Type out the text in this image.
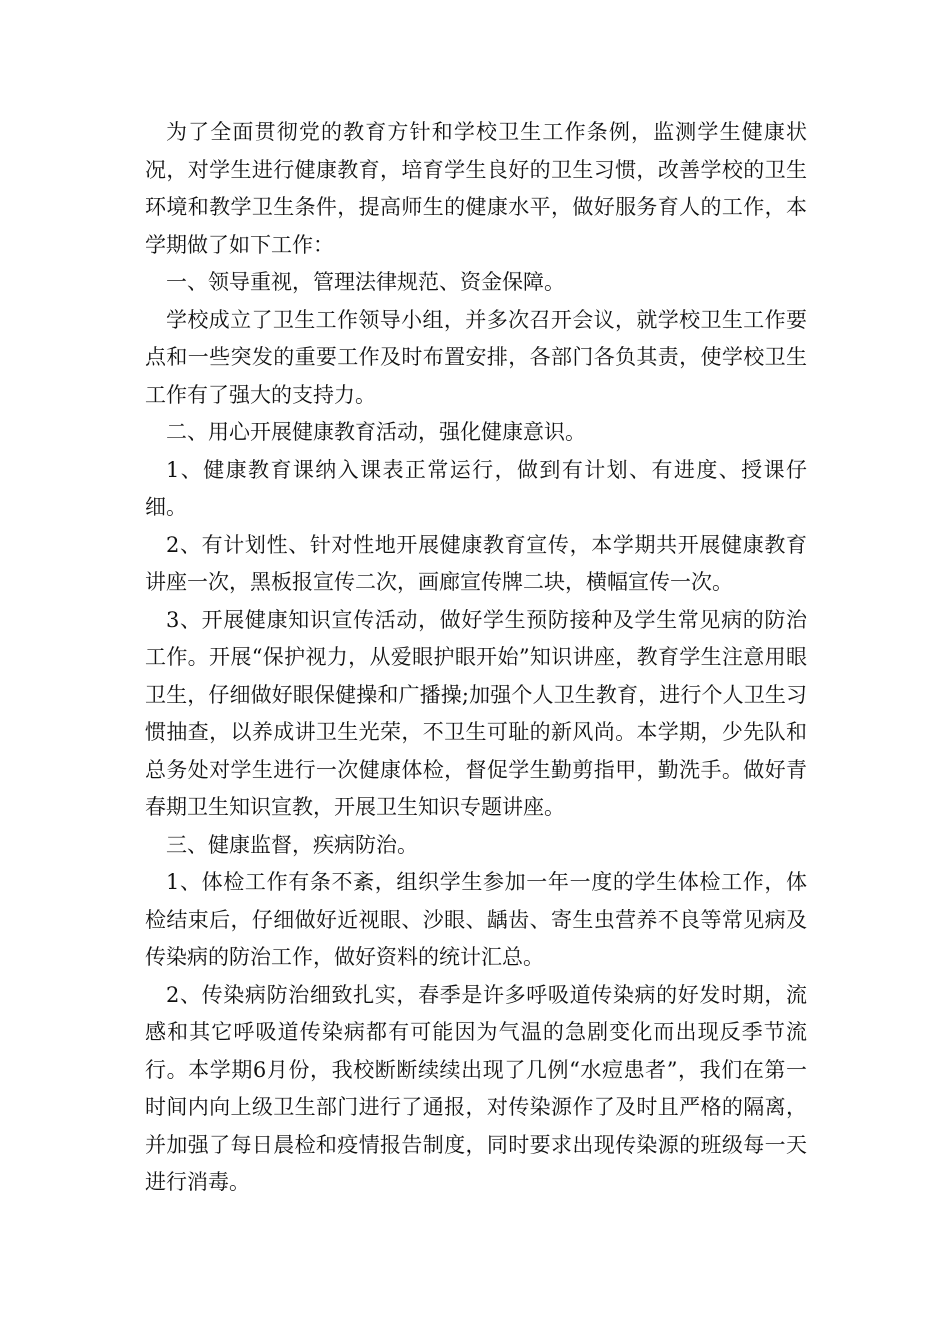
为了全面贯彻党的教育方针和学校卫生工作条例，监测学生健康状况，对学生进行健康教育，培育学生良好的卫生习惯，改善学校的卫生环境和教学卫生条件，提高师生的健康水平，做好服务育人的工作，本学期做了如下工作：

一、领导重视，管理法律规范、资金保障。

学校成立了卫生工作领导小组，并多次召开会议，就学校卫生工作要点和一些突发的重要工作及时布置安排，各部门各负其责，使学校卫生工作有了强大的支持力。

二、用心开展健康教育活动，强化健康意识。

1、健康教育课纳入课表正常运行，做到有计划、有进度、授课仔细。

2、有计划性、针对性地开展健康教育宣传，本学期共开展健康教育讲座一次，黑板报宣传二次，画廊宣传牌二块，横幅宣传一次。

3、开展健康知识宣传活动，做好学生预防接种及学生常见病的防治工作。开展“保护视力，从爱眼护眼开始”知识讲座，教育学生注意用眼卫生，仔细做好眼保健操和广播操;加强个人卫生教育，进行个人卫生习惯抽查，以养成讲卫生光荣，不卫生可耻的新风尚。本学期，少先队和总务处对学生进行一次健康体检，督促学生勤剪指甲，勤洗手。做好青春期卫生知识宣教，开展卫生知识专题讲座。

三、健康监督，疾病防治。

1、体检工作有条不紊，组织学生参加一年一度的学生体检工作，体检结束后，仔细做好近视眼、沙眼、龋齿、寄生虫营养不良等常见病及传染病的防治工作，做好资料的统计汇总。

2、传染病防治细致扎实，春季是许多呼吸道传染病的好发时期，流感和其它呼吸道传染病都有可能因为气温的急剧变化而出现反季节流行。本学期6月份，我校断断续续出现了几例“水痘患者”，我们在第一时间内向上级卫生部门进行了通报，对传染源作了及时且严格的隔离，并加强了每日晨检和疫情报告制度，同时要求出现传染源的班级每一天进行消毒。
